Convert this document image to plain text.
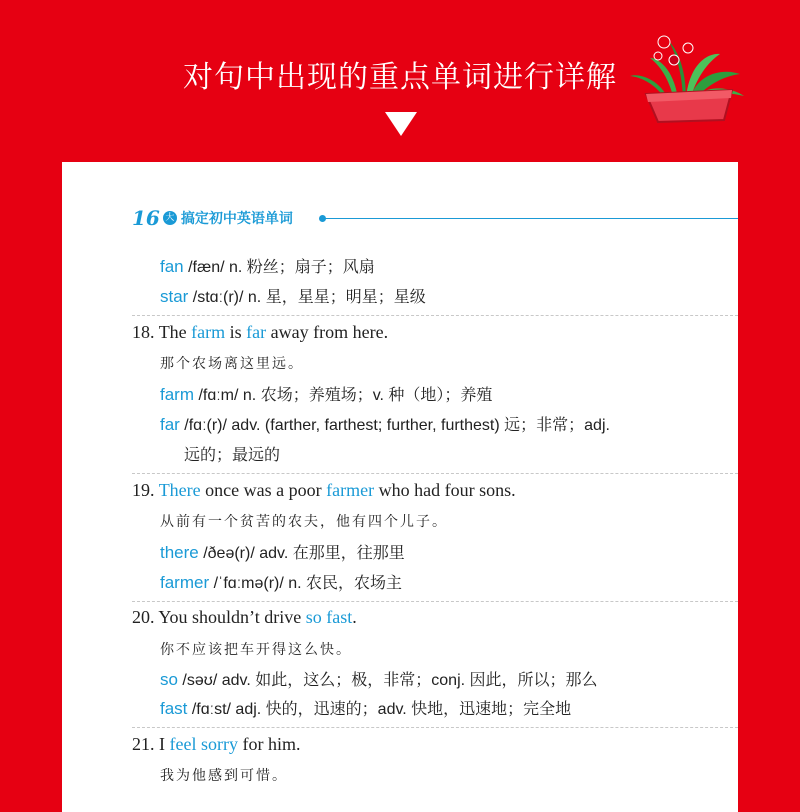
对句中出现的重点单词进行详解
16 大 搞定初中英语单词
fan /fæn/ n. 粉丝；扇子；风扇
star /stɑː(r)/ n. 星，星星；明星；星级
18. The farm is far away from here.
那个农场离这里远。
farm /fɑːm/ n. 农场；养殖场；v. 种（地）；养殖
far /fɑː(r)/ adv. (farther, farthest; further, furthest) 远；非常；adj.
远的；最远的
19. There once was a poor farmer who had four sons.
从前有一个贫苦的农夫，他有四个儿子。
there /ðeə(r)/ adv. 在那里，往那里
farmer /ˈfɑːmə(r)/ n. 农民，农场主
20. You shouldn’t drive so fast.
你不应该把车开得这么快。
so /səʊ/ adv. 如此，这么；极，非常；conj. 因此，所以；那么
fast /fɑːst/ adj. 快的，迅速的；adv. 快地，迅速地；完全地
21. I feel sorry for him.
我为他感到可惜。
